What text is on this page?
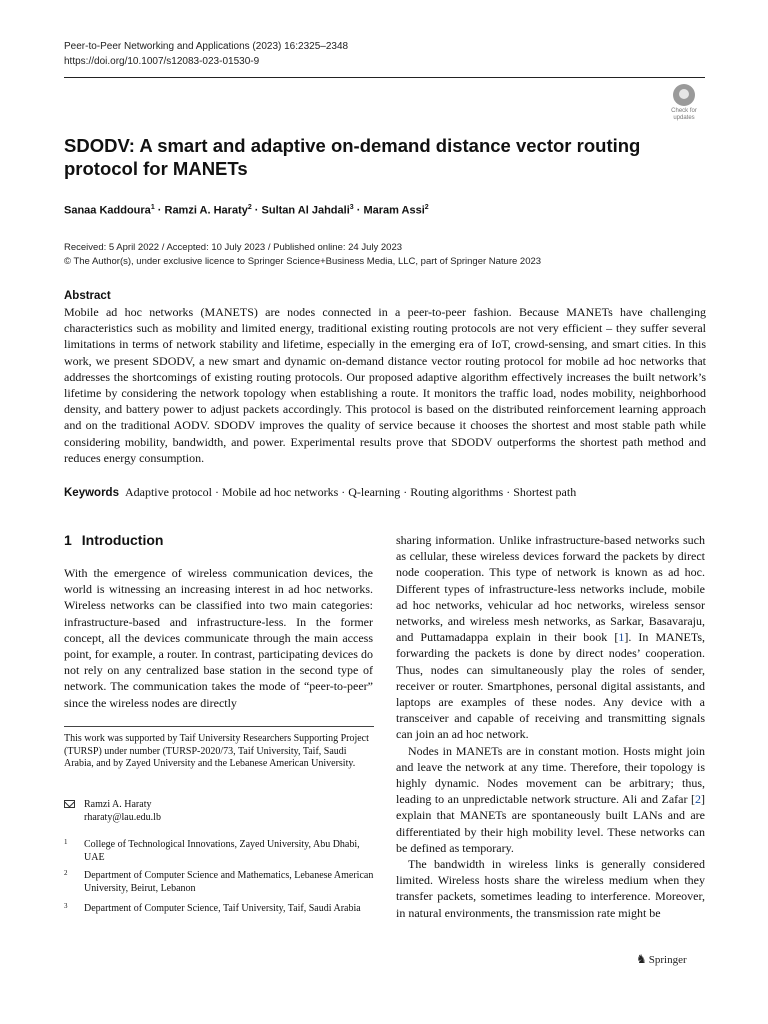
Peer-to-Peer Networking and Applications (2023) 16:2325–2348
https://doi.org/10.1007/s12083-023-01530-9
Check for
updates
SDODV: A smart and adaptive on-demand distance vector routing
protocol for MANETs
Sanaa Kaddoura$^1$ · Ramzi A. Haraty$^2$ · Sultan Al Jahdali$^3$ · Maram Assi$^2$
Received: 5 April 2022 / Accepted: 10 July 2023 / Published online: 24 July 2023
© The Author(s), under exclusive licence to Springer Science+Business Media, LLC, part of Springer Nature 2023
Abstract
Mobile ad hoc networks (MANETS) are nodes connected in a peer-to-peer fashion. Because MANETs have challenging characteristics such as mobility and limited energy, traditional existing routing protocols are not very efficient – they suffer several limitations in terms of network stability and lifetime, especially in the emerging era of IoT, crowd-sensing, and smart cities. In this work, we present SDODV, a new smart and dynamic on-demand distance vector routing protocol for mobile ad hoc networks that addresses the shortcomings of existing routing protocols. Our proposed adaptive algorithm effectively increases the built network’s lifetime by considering the network topology when establishing a route. It monitors the traffic load, nodes mobility, neighborhood density, and battery power to adjust packets accordingly. This protocol is based on the distributed reinforcement learning approach and on the traditional AODV. SDODV improves the quality of service because it chooses the shortest and most stable path while considering mobility, bandwidth, and power. Experimental results prove that SDODV outperforms the shortest path method and reduces energy consumption.
Keywords Adaptive protocol · Mobile ad hoc networks · Q-learning · Routing algorithms · Shortest path
1 Introduction
With the emergence of wireless communication devices, the world is witnessing an increasing interest in ad hoc networks. Wireless networks can be classified into two main categories: infrastructure-based and infrastructure-less. In the former concept, all the devices communicate through the main access point, for example, a router. In contrast, participating devices do not rely on any centralized base station in the second type of network. The communication takes the mode of “peer-to-peer” since the wireless nodes are directly

sharing information. Unlike infrastructure-based networks such as cellular, these wireless devices forward the packets by direct node cooperation. This type of network is known as ad hoc. Different types of infrastructure-less networks include, mobile ad hoc networks, vehicular ad hoc networks, wireless sensor networks, and wireless mesh networks, as Sarkar, Basavaraju, and Puttamadappa explain in their book [1]. In MANETs, forwarding the packets is done by direct nodes’ cooperation. Thus, nodes can simultaneously play the roles of sender, receiver or router. Smartphones, personal digital assistants, and laptops are examples of these nodes. Any device with a transceiver and capable of receiving and transmitting signals can join an ad hoc network.

Nodes in MANETs are in constant motion. Hosts might join and leave the network at any time. Therefore, their topology is highly dynamic. Nodes movement can be arbitrary; thus, leading to an unpredictable network structure. Ali and Zafar [2] explain that MANETs are spontaneously built LANs and are differentiated by their high mobility level. These networks can be defined as temporary.

The bandwidth in wireless links is generally considered limited. Wireless hosts share the wireless medium when they transfer packets, sometimes leading to interference. Moreover, in natural environments, the transmission rate might be

This work was supported by Taif University Researchers Supporting Project (TURSP) under number (TURSP-2020/73, Taif University, Taif, Saudi Arabia, and by Zayed University and the Lebanese American University.
Ramzi A. Haraty
rharaty@lau.edu.lb
1 College of Technological Innovations, Zayed University, Abu Dhabi, UAE
2 Department of Computer Science and Mathematics, Lebanese American University, Beirut, Lebanon
3 Department of Computer Science, Taif University, Taif, Saudi Arabia
♞ Springer
